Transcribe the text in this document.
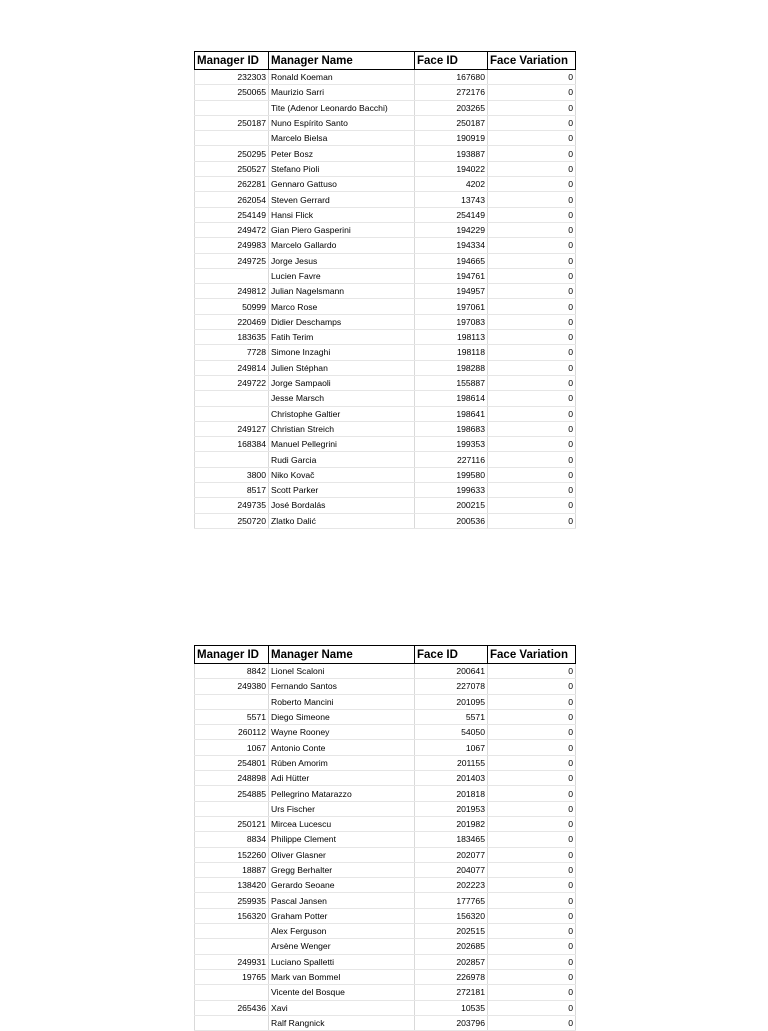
Manager ID	Manager Name	Face ID	Face Variation
232303	Ronald Koeman	167680	0
250065	Maurizio Sarri	272176	0
	Tite (Adenor Leonardo Bacchi)	203265	0
250187	Nuno Espírito Santo	250187	0
	Marcelo Bielsa	190919	0
250295	Peter Bosz	193887	0
250527	Stefano Pioli	194022	0
262281	Gennaro Gattuso	4202	0
262054	Steven Gerrard	13743	0
254149	Hansi Flick	254149	0
249472	Gian Piero Gasperini	194229	0
249983	Marcelo Gallardo	194334	0
249725	Jorge Jesus	194665	0
	Lucien Favre	194761	0
249812	Julian Nagelsmann	194957	0
50999	Marco Rose	197061	0
220469	Didier Deschamps	197083	0
183635	Fatih Terim	198113	0
7728	Simone Inzaghi	198118	0
249814	Julien Stéphan	198288	0
249722	Jorge Sampaoli	155887	0
	Jesse Marsch	198614	0
	Christophe Galtier	198641	0
249127	Christian Streich	198683	0
168384	Manuel Pellegrini	199353	0
	Rudi Garcia	227116	0
3800	Niko Kovač	199580	0
8517	Scott Parker	199633	0
249735	José Bordalás	200215	0
250720	Zlatko Dalić	200536	0
Manager ID	Manager Name	Face ID	Face Variation
8842	Lionel Scaloni	200641	0
249380	Fernando Santos	227078	0
	Roberto Mancini	201095	0
5571	Diego Simeone	5571	0
260112	Wayne Rooney	54050	0
1067	Antonio Conte	1067	0
254801	Rúben Amorim	201155	0
248898	Adi Hütter	201403	0
254885	Pellegrino Matarazzo	201818	0
	Urs Fischer	201953	0
250121	Mircea Lucescu	201982	0
8834	Philippe Clement	183465	0
152260	Oliver Glasner	202077	0
18887	Gregg Berhalter	204077	0
138420	Gerardo Seoane	202223	0
259935	Pascal Jansen	177765	0
156320	Graham Potter	156320	0
	Alex Ferguson	202515	0
	Arsène Wenger	202685	0
249931	Luciano Spalletti	202857	0
19765	Mark van Bommel	226978	0
	Vicente del Bosque	272181	0
265436	Xavi	10535	0
	Ralf Rangnick	203796	0
